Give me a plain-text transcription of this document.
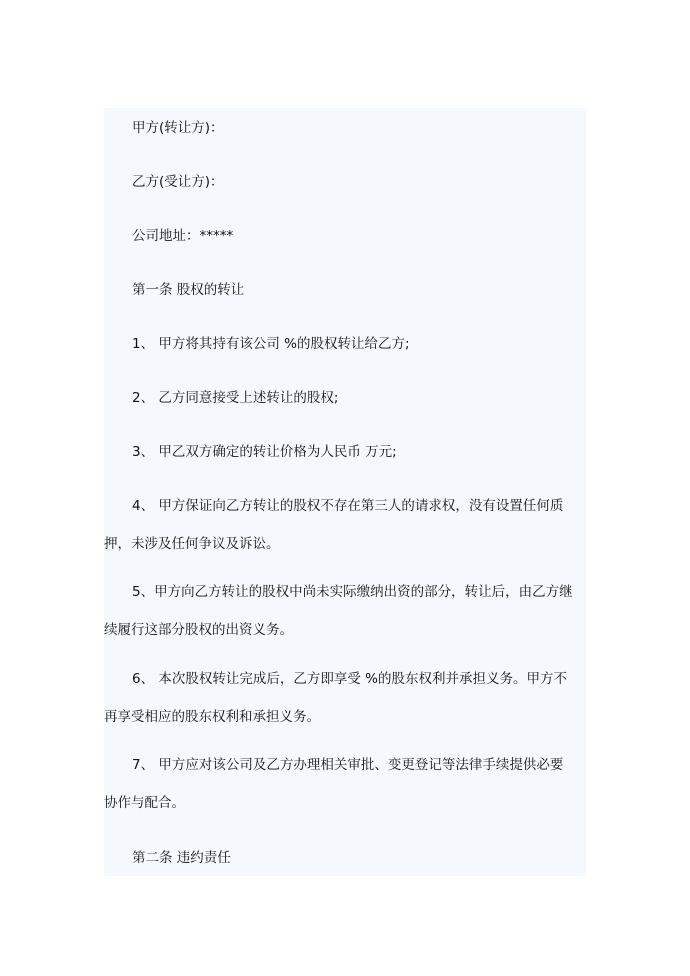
甲方(转让方)：

乙方(受让方)：

公司地址：*****

第一条 股权的转让

1、 甲方将其持有该公司 %的股权转让给乙方;

2、 乙方同意接受上述转让的股权;

3、 甲乙双方确定的转让价格为人民币 万元;

4、 甲方保证向乙方转让的股权不存在第三人的请求权，没有设置任何质
押，未涉及任何争议及诉讼。

5、甲方向乙方转让的股权中尚未实际缴纳出资的部分，转让后，由乙方继
续履行这部分股权的出资义务。

6、 本次股权转让完成后，乙方即享受 %的股东权利并承担义务。甲方不
再享受相应的股东权利和承担义务。

7、 甲方应对该公司及乙方办理相关审批、变更登记等法律手续提供必要
协作与配合。

第二条 违约责任
